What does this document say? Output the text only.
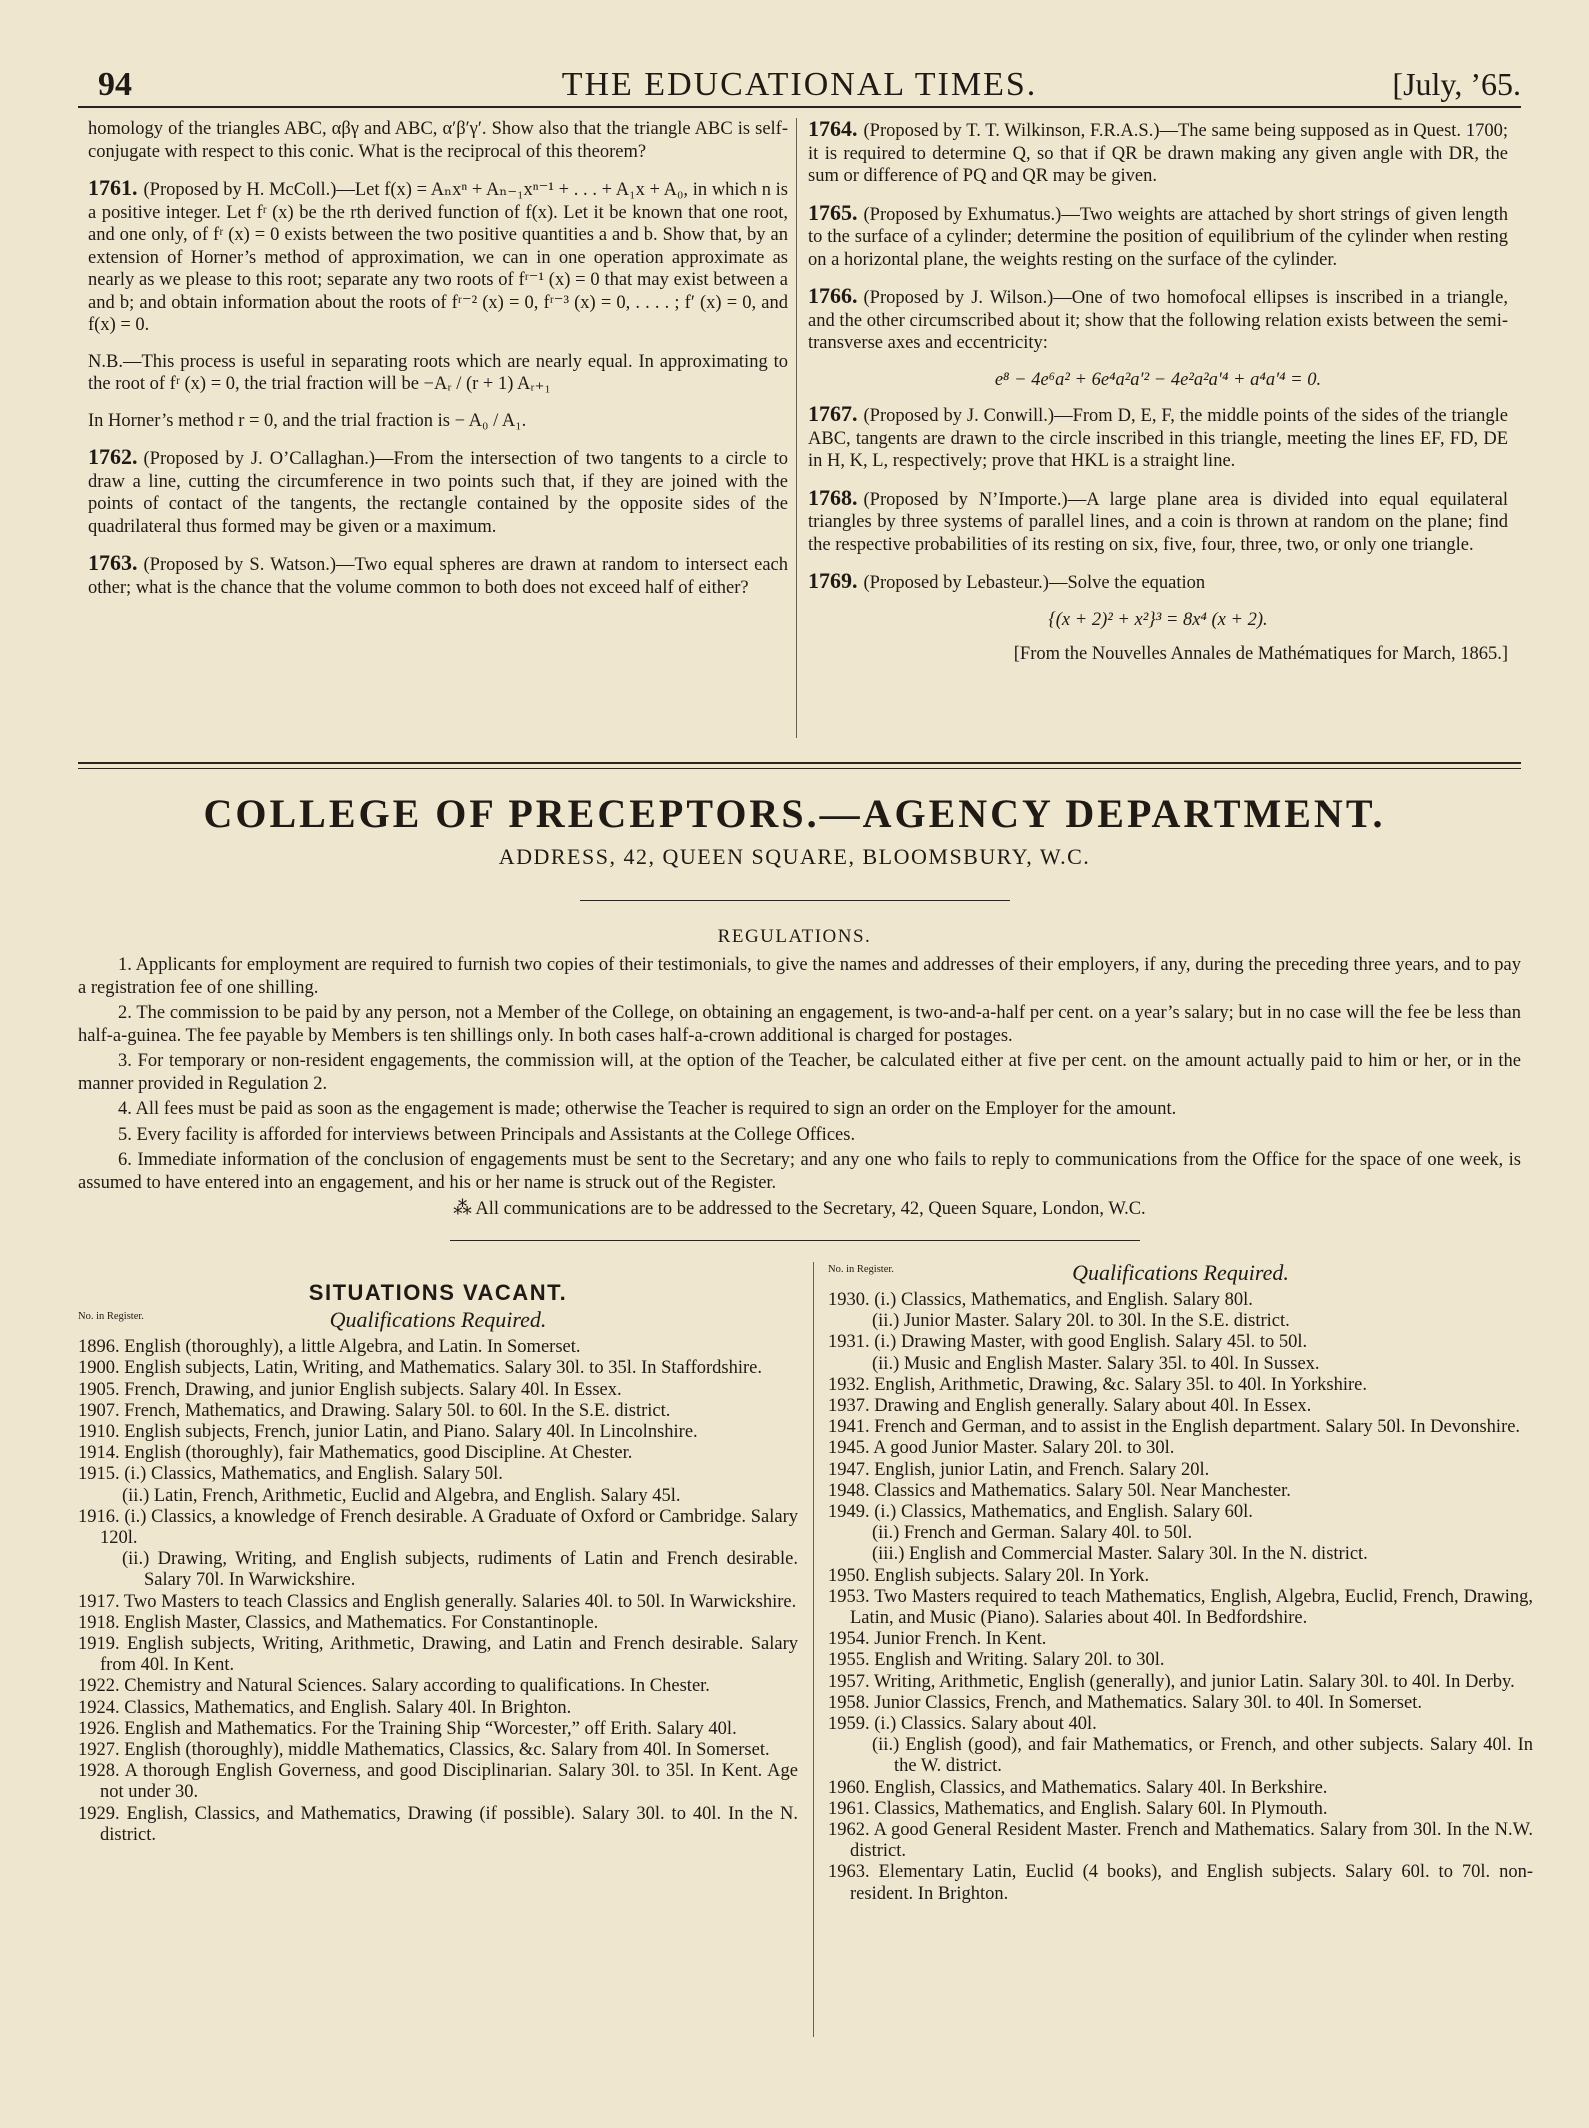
94	THE EDUCATIONAL TIMES.	[July, ’65.

homology of the triangles ABC, αβγ and ABC, α′β′γ′. Show also that the triangle ABC is self-conjugate with respect to this conic. What is the reciprocal of this theorem?

1761. (Proposed by H. McColl.)—Let f(x) = Aₙxⁿ + Aₙ₋₁xⁿ⁻¹ + . . . + A₁x + A₀, in which n is a positive integer. Let fʳ (x) be the rth derived function of f(x). Let it be known that one root, and one only, of fʳ (x) = 0 exists between the two positive quantities a and b. Show that, by an extension of Horner’s method of approximation, we can in one operation approximate as nearly as we please to this root; separate any two roots of fʳ⁻¹ (x) = 0 that may exist between a and b; and obtain information about the roots of fʳ⁻² (x) = 0, fʳ⁻³ (x) = 0, . . . . ; f′ (x) = 0, and f(x) = 0.

N.B.—This process is useful in separating roots which are nearly equal. In approximating to the root of fʳ (x) = 0, the trial fraction will be −Aᵣ / (r + 1) Aᵣ₊₁

In Horner’s method r = 0, and the trial fraction is − A₀ / A₁.

1762. (Proposed by J. O’Callaghan.)—From the intersection of two tangents to a circle to draw a line, cutting the circumference in two points such that, if they are joined with the points of contact of the tangents, the rectangle contained by the opposite sides of the quadrilateral thus formed may be given or a maximum.

1763. (Proposed by S. Watson.)—Two equal spheres are drawn at random to intersect each other; what is the chance that the volume common to both does not exceed half of either?

1764. (Proposed by T. T. Wilkinson, F.R.A.S.)—The same being supposed as in Quest. 1700; it is required to determine Q, so that if QR be drawn making any given angle with DR, the sum or difference of PQ and QR may be given.

1765. (Proposed by Exhumatus.)—Two weights are attached by short strings of given length to the surface of a cylinder; determine the position of equilibrium of the cylinder when resting on a horizontal plane, the weights resting on the surface of the cylinder.

1766. (Proposed by J. Wilson.)—One of two homofocal ellipses is inscribed in a triangle, and the other circumscribed about it; show that the following relation exists between the semi-transverse axes and eccentricity:

e⁸ − 4e⁶a² + 6e⁴a²a′² − 4e²a²a′⁴ + a⁴a′⁴ = 0.

1767. (Proposed by J. Conwill.)—From D, E, F, the middle points of the sides of the triangle ABC, tangents are drawn to the circle inscribed in this triangle, meeting the lines EF, FD, DE in H, K, L, respectively; prove that HKL is a straight line.

1768. (Proposed by N’Importe.)—A large plane area is divided into equal equilateral triangles by three systems of parallel lines, and a coin is thrown at random on the plane; find the respective probabilities of its resting on six, five, four, three, two, or only one triangle.

1769. (Proposed by Lebasteur.)—Solve the equation

{(x + 2)² + x²}³ = 8x⁴ (x + 2).

[From the Nouvelles Annales de Mathématiques for March, 1865.]

COLLEGE OF PRECEPTORS.—AGENCY DEPARTMENT.
ADDRESS, 42, QUEEN SQUARE, BLOOMSBURY, W.C.
REGULATIONS.

1. Applicants for employment are required to furnish two copies of their testimonials, to give the names and addresses of their employers, if any, during the preceding three years, and to pay a registration fee of one shilling.

2. The commission to be paid by any person, not a Member of the College, on obtaining an engagement, is two-and-a-half per cent. on a year’s salary; but in no case will the fee be less than half-a-guinea. The fee payable by Members is ten shillings only. In both cases half-a-crown additional is charged for postages.

3. For temporary or non-resident engagements, the commission will, at the option of the Teacher, be calculated either at five per cent. on the amount actually paid to him or her, or in the manner provided in Regulation 2.

4. All fees must be paid as soon as the engagement is made; otherwise the Teacher is required to sign an order on the Employer for the amount.

5. Every facility is afforded for interviews between Principals and Assistants at the College Offices.

6. Immediate information of the conclusion of engagements must be sent to the Secretary; and any one who fails to reply to communications from the Office for the space of one week, is assumed to have entered into an engagement, and his or her name is struck out of the Register.

⁂ All communications are to be addressed to the Secretary, 42, Queen Square, London, W.C.

SITUATIONS VACANT.
No. in Register.	Qualifications Required.

1896. English (thoroughly), a little Algebra, and Latin. In Somerset.

1900. English subjects, Latin, Writing, and Mathematics. Salary 30l. to 35l. In Staffordshire.

1905. French, Drawing, and junior English subjects. Salary 40l. In Essex.

1907. French, Mathematics, and Drawing. Salary 50l. to 60l. In the S.E. district.

1910. English subjects, French, junior Latin, and Piano. Salary 40l. In Lincolnshire.

1914. English (thoroughly), fair Mathematics, good Discipline. At Chester.

1915. (i.) Classics, Mathematics, and English. Salary 50l.

(ii.) Latin, French, Arithmetic, Euclid and Algebra, and English. Salary 45l.

1916. (i.) Classics, a knowledge of French desirable. A Graduate of Oxford or Cambridge. Salary 120l.

(ii.) Drawing, Writing, and English subjects, rudiments of Latin and French desirable. Salary 70l. In Warwickshire.

1917. Two Masters to teach Classics and English generally. Salaries 40l. to 50l. In Warwickshire.

1918. English Master, Classics, and Mathematics. For Constantinople.

1919. English subjects, Writing, Arithmetic, Drawing, and Latin and French desirable. Salary from 40l. In Kent.

1922. Chemistry and Natural Sciences. Salary according to qualifications. In Chester.

1924. Classics, Mathematics, and English. Salary 40l. In Brighton.

1926. English and Mathematics. For the Training Ship “Worcester,” off Erith. Salary 40l.

1927. English (thoroughly), middle Mathematics, Classics, &c. Salary from 40l. In Somerset.

1928. A thorough English Governess, and good Disciplinarian. Salary 30l. to 35l. In Kent. Age not under 30.

1929. English, Classics, and Mathematics, Drawing (if possible). Salary 30l. to 40l. In the N. district.

No. in Register.	Qualifications Required.

1930. (i.) Classics, Mathematics, and English. Salary 80l.

(ii.) Junior Master. Salary 20l. to 30l. In the S.E. district.

1931. (i.) Drawing Master, with good English. Salary 45l. to 50l.

(ii.) Music and English Master. Salary 35l. to 40l. In Sussex.

1932. English, Arithmetic, Drawing, &c. Salary 35l. to 40l. In Yorkshire.

1937. Drawing and English generally. Salary about 40l. In Essex.

1941. French and German, and to assist in the English department. Salary 50l. In Devonshire.

1945. A good Junior Master. Salary 20l. to 30l.

1947. English, junior Latin, and French. Salary 20l.

1948. Classics and Mathematics. Salary 50l. Near Manchester.

1949. (i.) Classics, Mathematics, and English. Salary 60l.

(ii.) French and German. Salary 40l. to 50l.

(iii.) English and Commercial Master. Salary 30l. In the N. district.

1950. English subjects. Salary 20l. In York.

1953. Two Masters required to teach Mathematics, English, Algebra, Euclid, French, Drawing, Latin, and Music (Piano). Salaries about 40l. In Bedfordshire.

1954. Junior French. In Kent.

1955. English and Writing. Salary 20l. to 30l.

1957. Writing, Arithmetic, English (generally), and junior Latin. Salary 30l. to 40l. In Derby.

1958. Junior Classics, French, and Mathematics. Salary 30l. to 40l. In Somerset.

1959. (i.) Classics. Salary about 40l.

(ii.) English (good), and fair Mathematics, or French, and other subjects. Salary 40l. In the W. district.

1960. English, Classics, and Mathematics. Salary 40l. In Berkshire.

1961. Classics, Mathematics, and English. Salary 60l. In Plymouth.

1962. A good General Resident Master. French and Mathematics. Salary from 30l. In the N.W. district.

1963. Elementary Latin, Euclid (4 books), and English subjects. Salary 60l. to 70l. non-resident. In Brighton.
